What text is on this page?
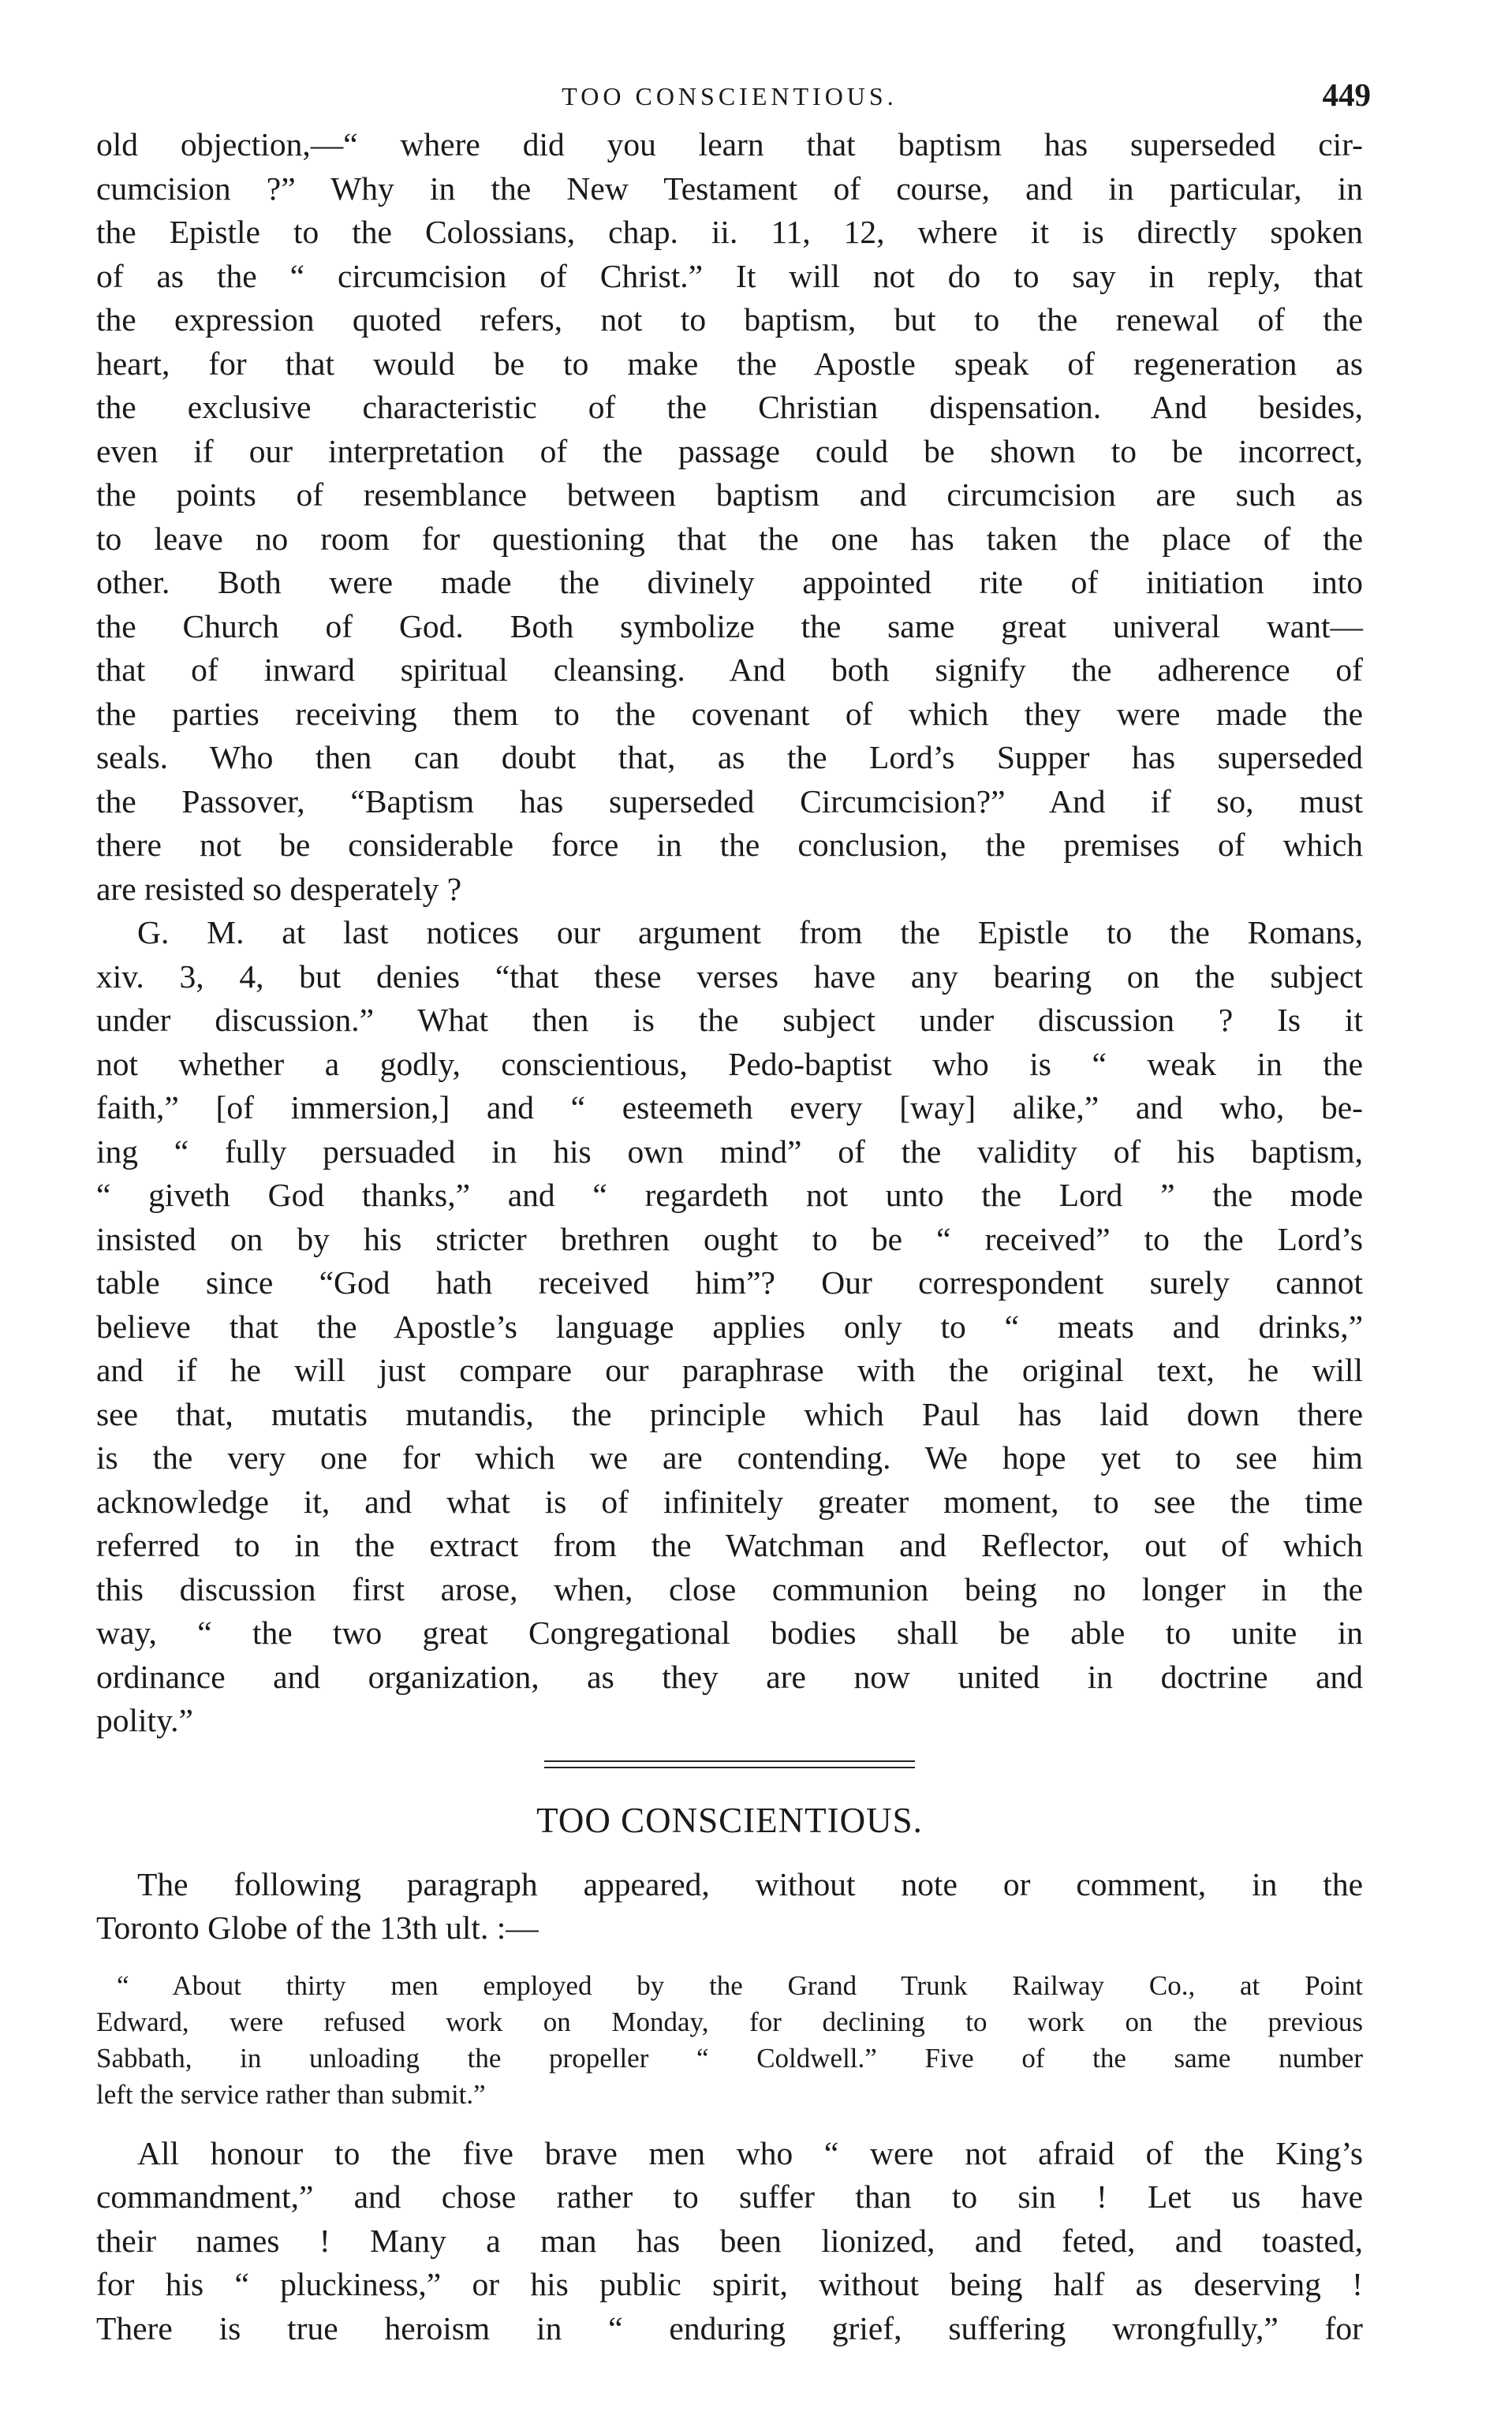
TOO CONSCIENTIOUS.	449

old objection,—“ where did you learn that baptism has superseded cir-
cumcision ?” Why in the New Testament of course, and in particular, in
the Epistle to the Colossians, chap. ii. 11, 12, where it is directly spoken
of as the “ circumcision of Christ.” It will not do to say in reply, that
the expression quoted refers, not to baptism, but to the renewal of the
heart, for that would be to make the Apostle speak of regeneration as
the exclusive characteristic of the Christian dispensation. And besides,
even if our interpretation of the passage could be shown to be incorrect,
the points of resemblance between baptism and circumcision are such as
to leave no room for questioning that the one has taken the place of the
other. Both were made the divinely appointed rite of initiation into
the Church of God. Both symbolize the same great univeral want—
that of inward spiritual cleansing. And both signify the adherence of
the parties receiving them to the covenant of which they were made the
seals. Who then can doubt that, as the Lord’s Supper has superseded
the Passover, “Baptism has superseded Circumcision?” And if so, must
there not be considerable force in the conclusion, the premises of which
are resisted so desperately ?

G. M. at last notices our argument from the Epistle to the Romans,
xiv. 3, 4, but denies “that these verses have any bearing on the subject
under discussion.” What then is the subject under discussion ? Is it
not whether a godly, conscientious, Pedo-baptist who is “ weak in the
faith,” [of immersion,] and “ esteemeth every [way] alike,” and who, be-
ing “ fully persuaded in his own mind” of the validity of his baptism,
“ giveth God thanks,” and “ regardeth not unto the Lord ” the mode
insisted on by his stricter brethren ought to be “ received” to the Lord’s
table since “God hath received him”? Our correspondent surely cannot
believe that the Apostle’s language applies only to “ meats and drinks,”
and if he will just compare our paraphrase with the original text, he will
see that, mutatis mutandis, the principle which Paul has laid down there
is the very one for which we are contending. We hope yet to see him
acknowledge it, and what is of infinitely greater moment, to see the time
referred to in the extract from the Watchman and Reflector, out of which
this discussion first arose, when, close communion being no longer in the
way, “ the two great Congregational bodies shall be able to unite in
ordinance and organization, as they are now united in doctrine and
polity.”

TOO CONSCIENTIOUS.

The following paragraph appeared, without note or comment, in the
Toronto Globe of the 13th ult. :—

“ About thirty men employed by the Grand Trunk Railway Co., at Point
Edward, were refused work on Monday, for declining to work on the previous
Sabbath, in unloading the propeller “ Coldwell.” Five of the same number
left the service rather than submit.”

All honour to the five brave men who “ were not afraid of the King’s
commandment,” and chose rather to suffer than to sin ! Let us have
their names ! Many a man has been lionized, and feted, and toasted,
for his “ pluckiness,” or his public spirit, without being half as deserving !
There is true heroism in “ enduring grief, suffering wrongfully,” for
